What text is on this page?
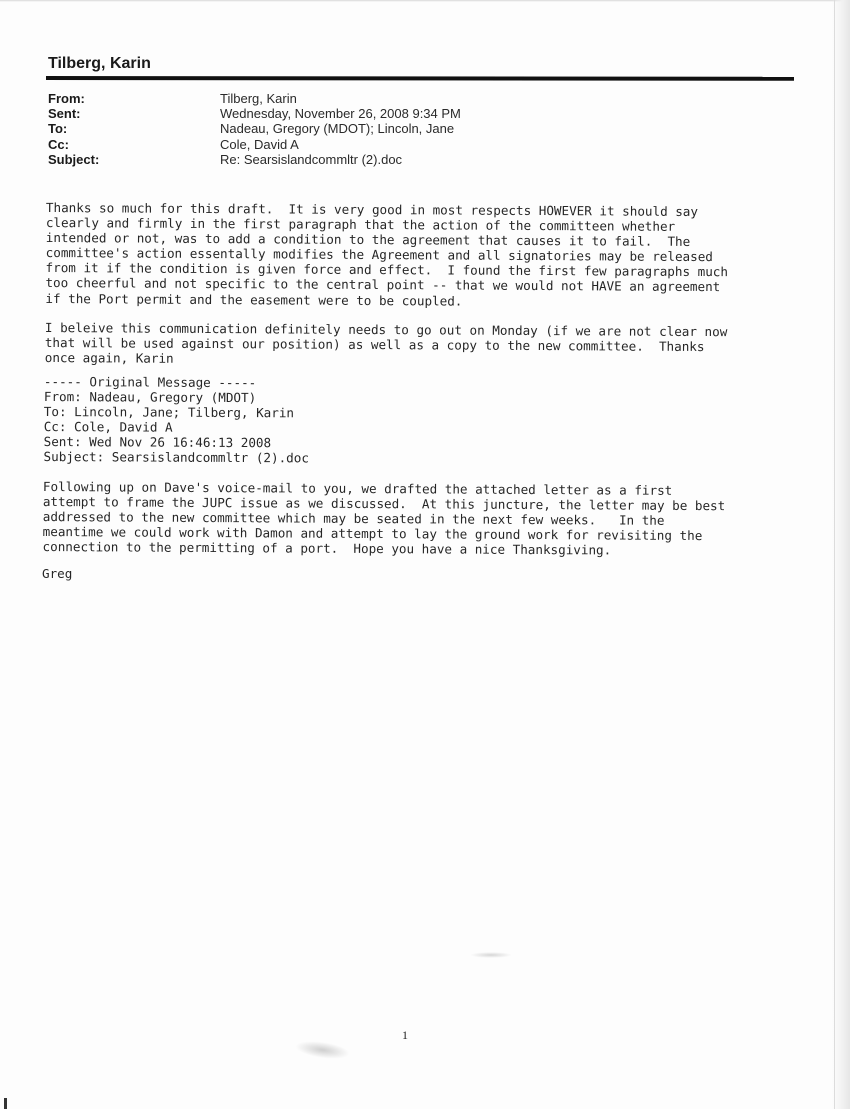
Tilberg, Karin
From:	Tilberg, Karin
Sent:	Wednesday, November 26, 2008 9:34 PM
To:	Nadeau, Gregory (MDOT); Lincoln, Jane
Cc:	Cole, David A
Subject:	Re: Searsislandcommltr (2).doc

Thanks so much for this draft.  It is very good in most respects HOWEVER it should say
clearly and firmly in the first paragraph that the action of the committeen whether
intended or not, was to add a condition to the agreement that causes it to fail.  The
committee's action essentally modifies the Agreement and all signatories may be released
from it if the condition is given force and effect.  I found the first few paragraphs much
too cheerful and not specific to the central point -- that we would not HAVE an agreement
if the Port permit and the easement were to be coupled.

I beleive this communication definitely needs to go out on Monday (if we are not clear now
that will be used against our position) as well as a copy to the new committee.  Thanks
once again, Karin

----- Original Message -----
From: Nadeau, Gregory (MDOT)
To: Lincoln, Jane; Tilberg, Karin
Cc: Cole, David A
Sent: Wed Nov 26 16:46:13 2008
Subject: Searsislandcommltr (2).doc

Following up on Dave's voice-mail to you, we drafted the attached letter as a first
attempt to frame the JUPC issue as we discussed.  At this juncture, the letter may be best
addressed to the new committee which may be seated in the next few weeks.   In the
meantime we could work with Damon and attempt to lay the ground work for revisiting the
connection to the permitting of a port.  Hope you have a nice Thanksgiving.

Greg

1
